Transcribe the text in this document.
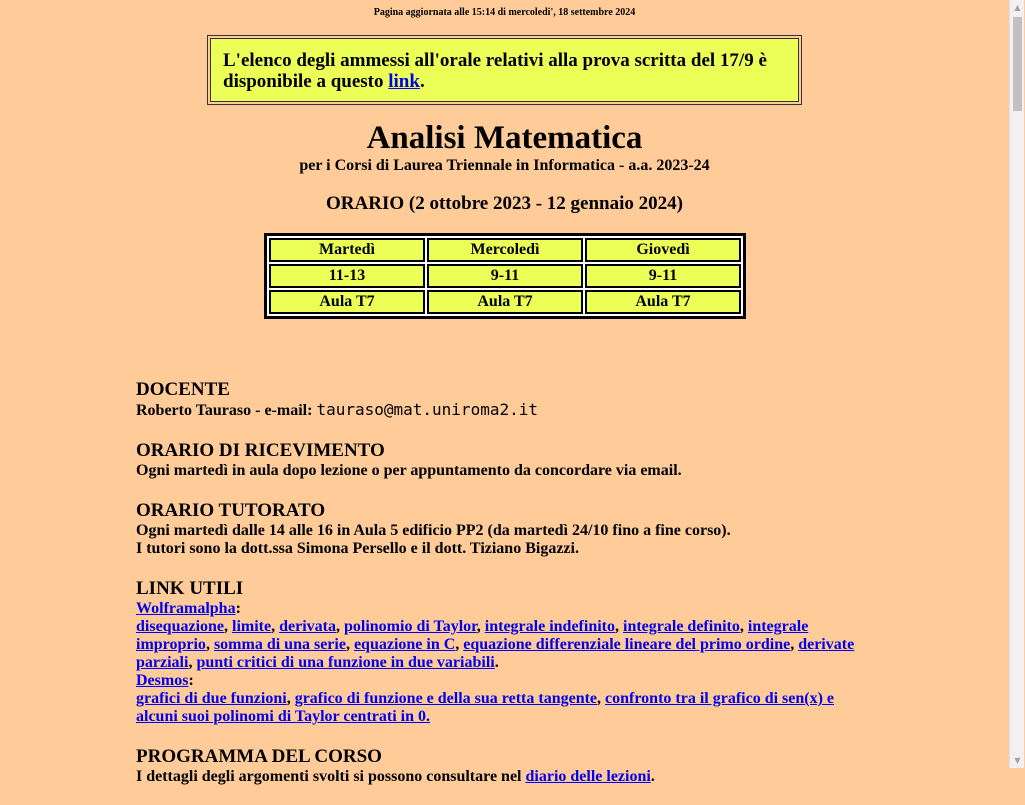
Pagina aggiornata alle 15:14 di mercoledi', 18 settembre 2024
L'elenco degli ammessi all'orale relativi alla prova scritta del 17/9 è disponibile a questo link.
Analisi Matematica
per i Corsi di Laurea Triennale in Informatica - a.a. 2023-24
ORARIO (2 ottobre 2023 - 12 gennaio 2024)
Martedì	Mercoledì	Giovedì
11-13	9-11	9-11
Aula T7	Aula T7	Aula T7
DOCENTE
Roberto Tauraso - e-mail: tauraso@mat.uniroma2.it
ORARIO DI RICEVIMENTO
Ogni martedì in aula dopo lezione o per appuntamento da concordare via email.
ORARIO TUTORATO
Ogni martedì dalle 14 alle 16 in Aula 5 edificio PP2 (da martedì 24/10 fino a fine corso).
I tutori sono la dott.ssa Simona Persello e il dott. Tiziano Bigazzi.
LINK UTILI
Wolframalpha:
disequazione, limite, derivata, polinomio di Taylor, integrale indefinito, integrale definito, integrale improprio, somma di una serie, equazione in C, equazione differenziale lineare del primo ordine, derivate parziali, punti critici di una funzione in due variabili.
Desmos:
grafici di due funzioni, grafico di funzione e della sua retta tangente, confronto tra il grafico di sen(x) e alcuni suoi polinomi di Taylor centrati in 0.
PROGRAMMA DEL CORSO
I dettagli degli argomenti svolti si possono consultare nel diario delle lezioni.
▲
▼
